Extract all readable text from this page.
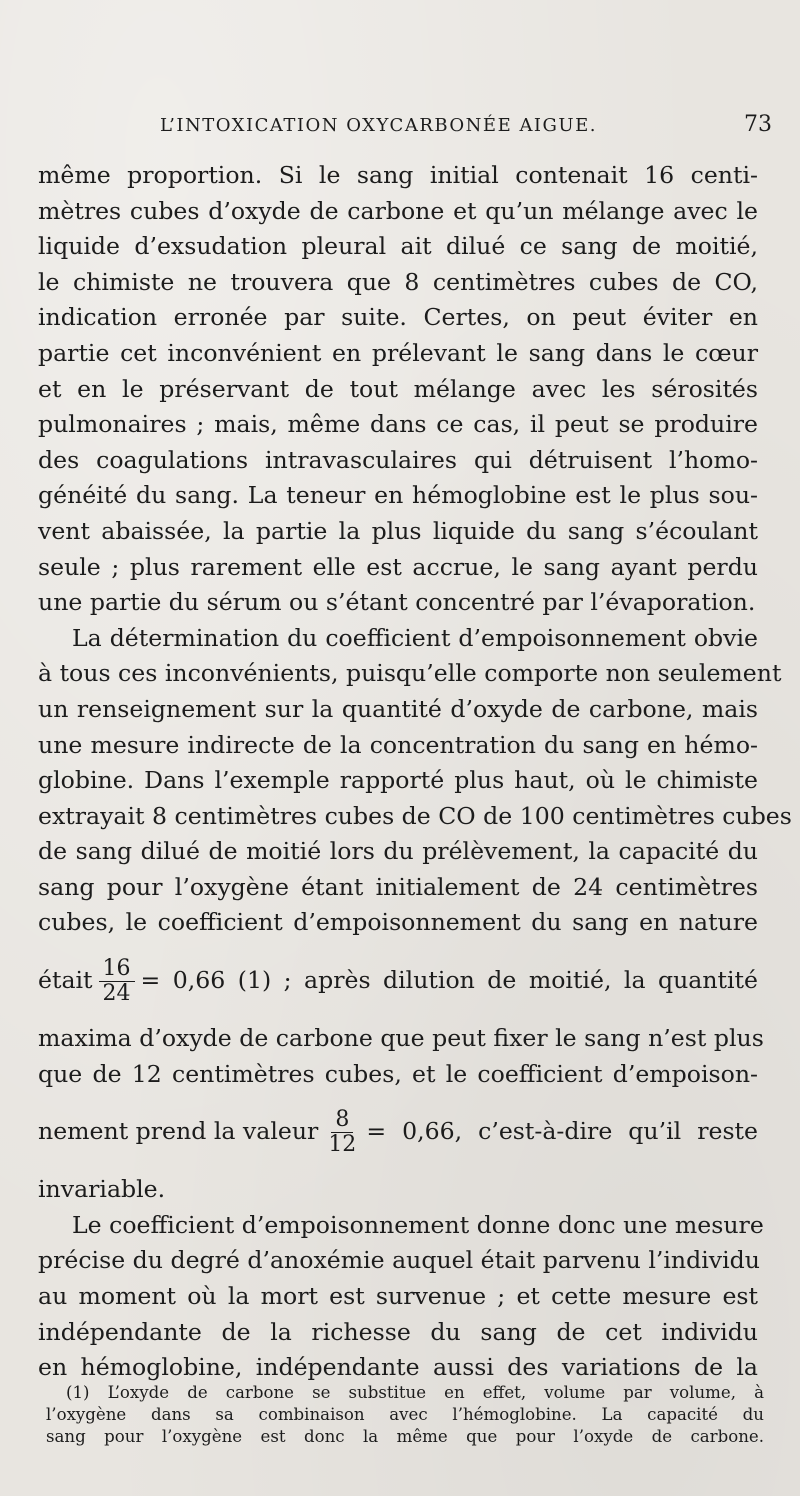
L’INTOXICATION OXYCARBONÉE AIGUE.	73
même proportion. Si le sang initial contenait 16 centi-
mètres cubes d’oxyde de carbone et qu’un mélange avec le
liquide d’exsudation pleural ait dilué ce sang de moitié,
le chimiste ne trouvera que 8 centimètres cubes de CO,
indication erronée par suite. Certes, on peut éviter en
partie cet inconvénient en prélevant le sang dans le cœur
et en le préservant de tout mélange avec les sérosités
pulmonaires ; mais, même dans ce cas, il peut se produire
des coagulations intravasculaires qui détruisent l’homo-
généité du sang. La teneur en hémoglobine est le plus sou-
vent abaissée, la partie la plus liquide du sang s’écoulant
seule ; plus rarement elle est accrue, le sang ayant perdu
une partie du sérum ou s’étant concentré par l’évaporation.
La détermination du coefficient d’empoisonnement obvie
à tous ces inconvénients, puisqu’elle comporte non seulement
un renseignement sur la quantité d’oxyde de carbone, mais
une mesure indirecte de la concentration du sang en hémo-
globine. Dans l’exemple rapporté plus haut, où le chimiste
extrayait 8 centimètres cubes de CO de 100 centimètres cubes
de sang dilué de moitié lors du prélèvement, la capacité du
sang pour l’oxygène étant initialement de 24 centimètres
cubes, le coefficient d’empoisonnement du sang en nature
était $\frac{16}{24} = 0,66$ (1) ; après dilution de moitié, la quantité
maxima d’oxyde de carbone que peut fixer le sang n’est plus
que de 12 centimètres cubes, et le coefficient d’empoison-
nement prend la valeur $\frac{8}{12} = 0,66$, c’est-à-dire qu’il reste
invariable.
Le coefficient d’empoisonnement donne donc une mesure
précise du degré d’anoxémie auquel était parvenu l’individu
au moment où la mort est survenue ; et cette mesure est
indépendante de la richesse du sang de cet individu
en hémoglobine, indépendante aussi des variations de la
(1) L’oxyde de carbone se substitue en effet, volume par volume, à
l’oxygène dans sa combinaison avec l’hémoglobine. La capacité du
sang pour l’oxygène est donc la même que pour l’oxyde de carbone.
